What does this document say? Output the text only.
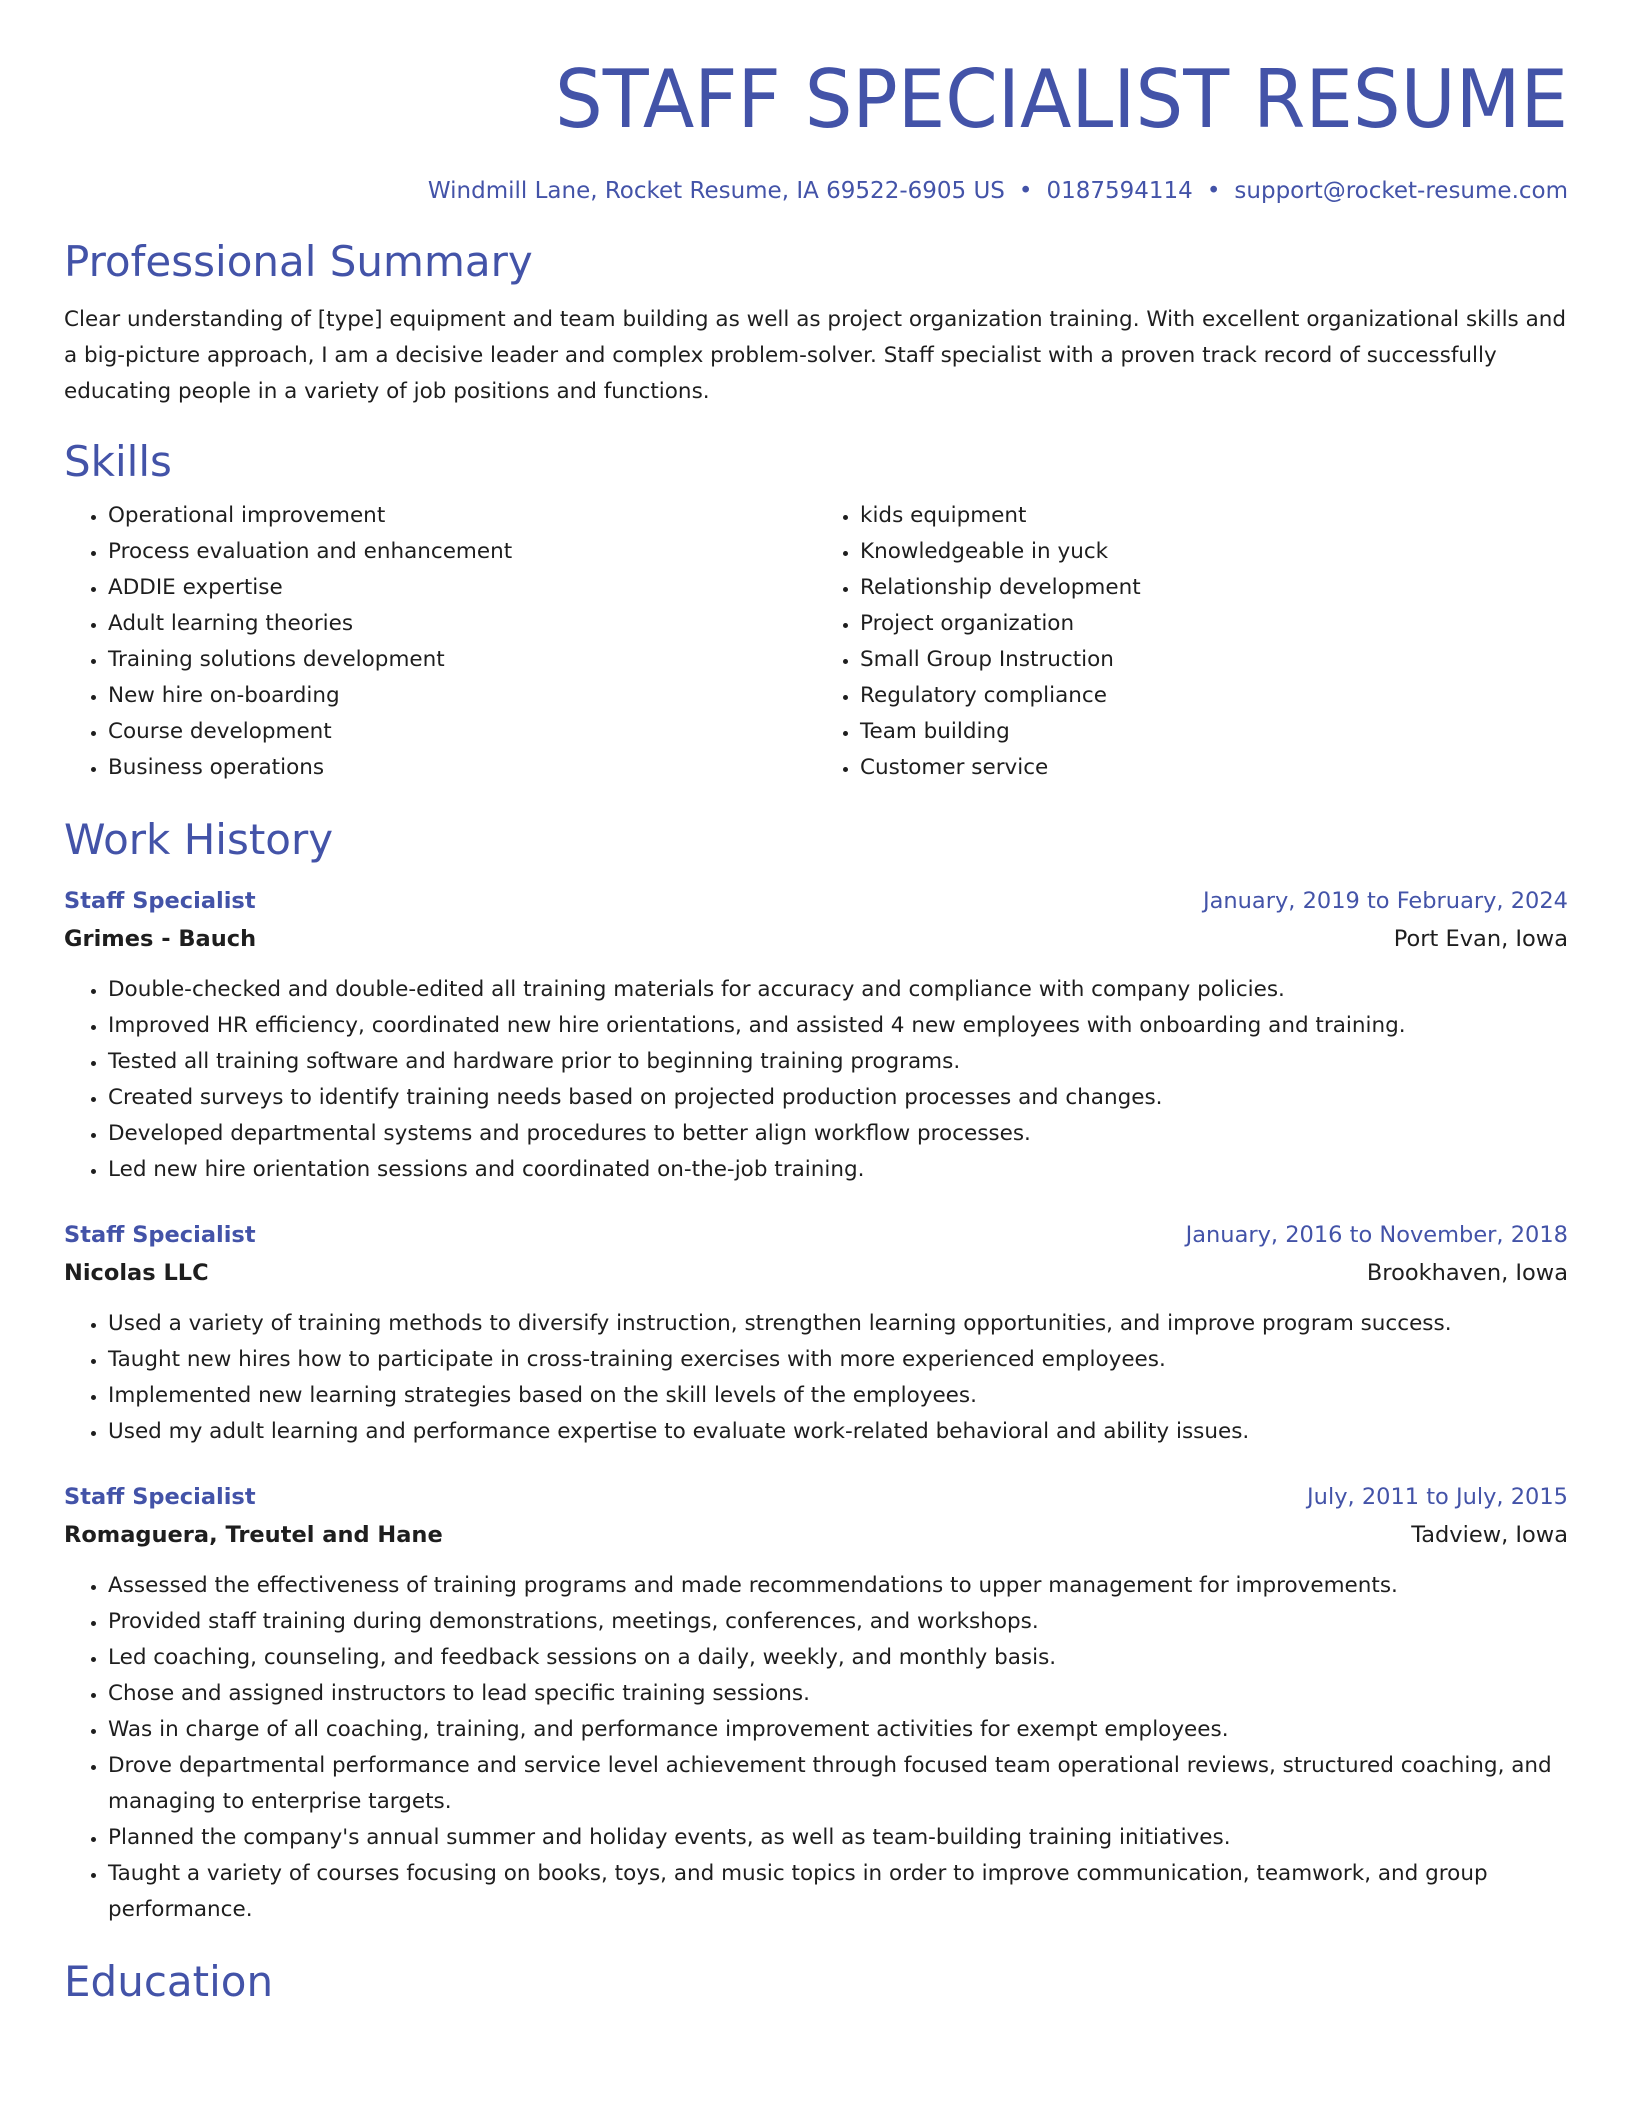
STAFF SPECIALIST RESUME
Windmill Lane, Rocket Resume, IA 69522-6905 US • 0187594114 • support@rocket-resume.com
Professional Summary

Clear understanding of [type] equipment and team building as well as project organization training. With excellent organizational skills and a big-picture approach, I am a decisive leader and complex problem-solver. Staff specialist with a proven track record of successfully educating people in a variety of job positions and functions.

Skills
• Operational improvement
• Process evaluation and enhancement
• ADDIE expertise
• Adult learning theories
• Training solutions development
• New hire on-boarding
• Course development
• Business operations
• kids equipment
• Knowledgeable in yuck
• Relationship development
• Project organization
• Small Group Instruction
• Regulatory compliance
• Team building
• Customer service
Work History
Staff Specialist	January, 2019 to February, 2024
Grimes - Bauch	Port Evan, Iowa
• Double-checked and double-edited all training materials for accuracy and compliance with company policies.
• Improved HR efficiency, coordinated new hire orientations, and assisted 4 new employees with onboarding and training.
• Tested all training software and hardware prior to beginning training programs.
• Created surveys to identify training needs based on projected production processes and changes.
• Developed departmental systems and procedures to better align workflow processes.
• Led new hire orientation sessions and coordinated on-the-job training.
Staff Specialist	January, 2016 to November, 2018
Nicolas LLC	Brookhaven, Iowa
• Used a variety of training methods to diversify instruction, strengthen learning opportunities, and improve program success.
• Taught new hires how to participate in cross-training exercises with more experienced employees.
• Implemented new learning strategies based on the skill levels of the employees.
• Used my adult learning and performance expertise to evaluate work-related behavioral and ability issues.
Staff Specialist	July, 2011 to July, 2015
Romaguera, Treutel and Hane	Tadview, Iowa
• Assessed the effectiveness of training programs and made recommendations to upper management for improvements.
• Provided staff training during demonstrations, meetings, conferences, and workshops.
• Led coaching, counseling, and feedback sessions on a daily, weekly, and monthly basis.
• Chose and assigned instructors to lead specific training sessions.
• Was in charge of all coaching, training, and performance improvement activities for exempt employees.
• Drove departmental performance and service level achievement through focused team operational reviews, structured coaching, and managing to enterprise targets.
• Planned the company's annual summer and holiday events, as well as team-building training initiatives.
• Taught a variety of courses focusing on books, toys, and music topics in order to improve communication, teamwork, and group performance.
Education
